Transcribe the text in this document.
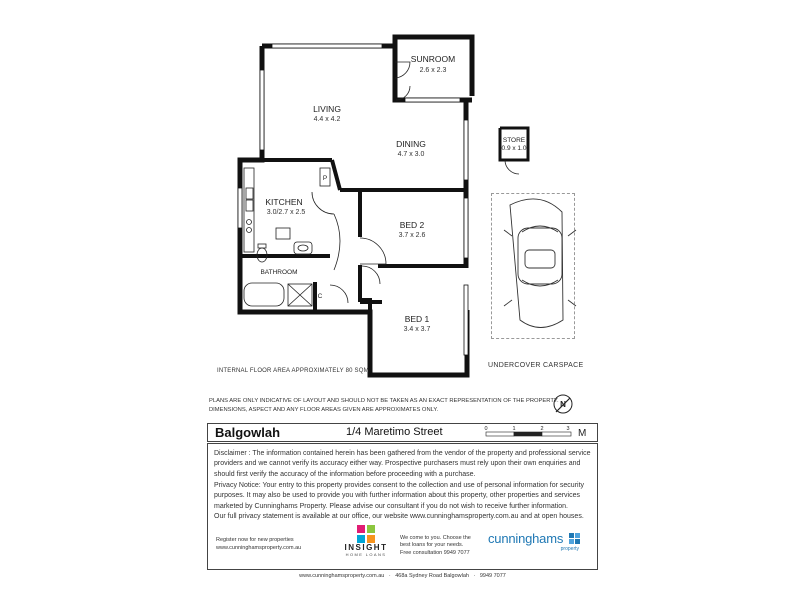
SUNROOM
2.6 x 2.3
LIVING
4.4 x 4.2
DINING
4.7 x 3.0
KITCHEN
3.0/2.7 x 2.5
BED 2
3.7 x 2.6
BED 1
3.4 x 3.7
STORE
0.9 x 1.0
BATHROOM
P
C
N
0	1	2	3 M
INTERNAL FLOOR AREA APPROXIMATELY 80 SQM
UNDERCOVER CARSPACE
PLANS ARE ONLY INDICATIVE OF LAYOUT AND SHOULD NOT BE TAKEN AS AN EXACT REPRESENTATION OF THE PROPERTY.
DIMENSIONS, ASPECT AND ANY FLOOR AREAS GIVEN ARE APPROXIMATES ONLY.
Balgowlah	1/4 Maretimo Street
Disclaimer : The information contained herein has been gathered from the vendor of the property and professional service providers and we cannot verify its accuracy either way. Prospective purchasers must rely upon their own enquiries and should first verify the accuracy of the information before proceeding with a purchase.
Privacy Notice: Your entry to this property provides consent to the collection and use of personal information for security purposes. It may also be used to provide you with further information about this property, other properties and services marketed by Cunninghams Property. Please advise our consultant if you do not wish to receive further information.
Our full privacy statement is available at our office, our website www.cunninghamsproperty.com.au and at open houses.
Register now for new properties
www.cunninghamsproperty.com.au	INSIGHT
HOME LOANS
We come to you. Choose the
best loans for your needs.
Free consultation 9949 7077
cunninghams
property
www.cunninghamsproperty.com.au · 468a Sydney Road Balgowlah · 9949 7077
